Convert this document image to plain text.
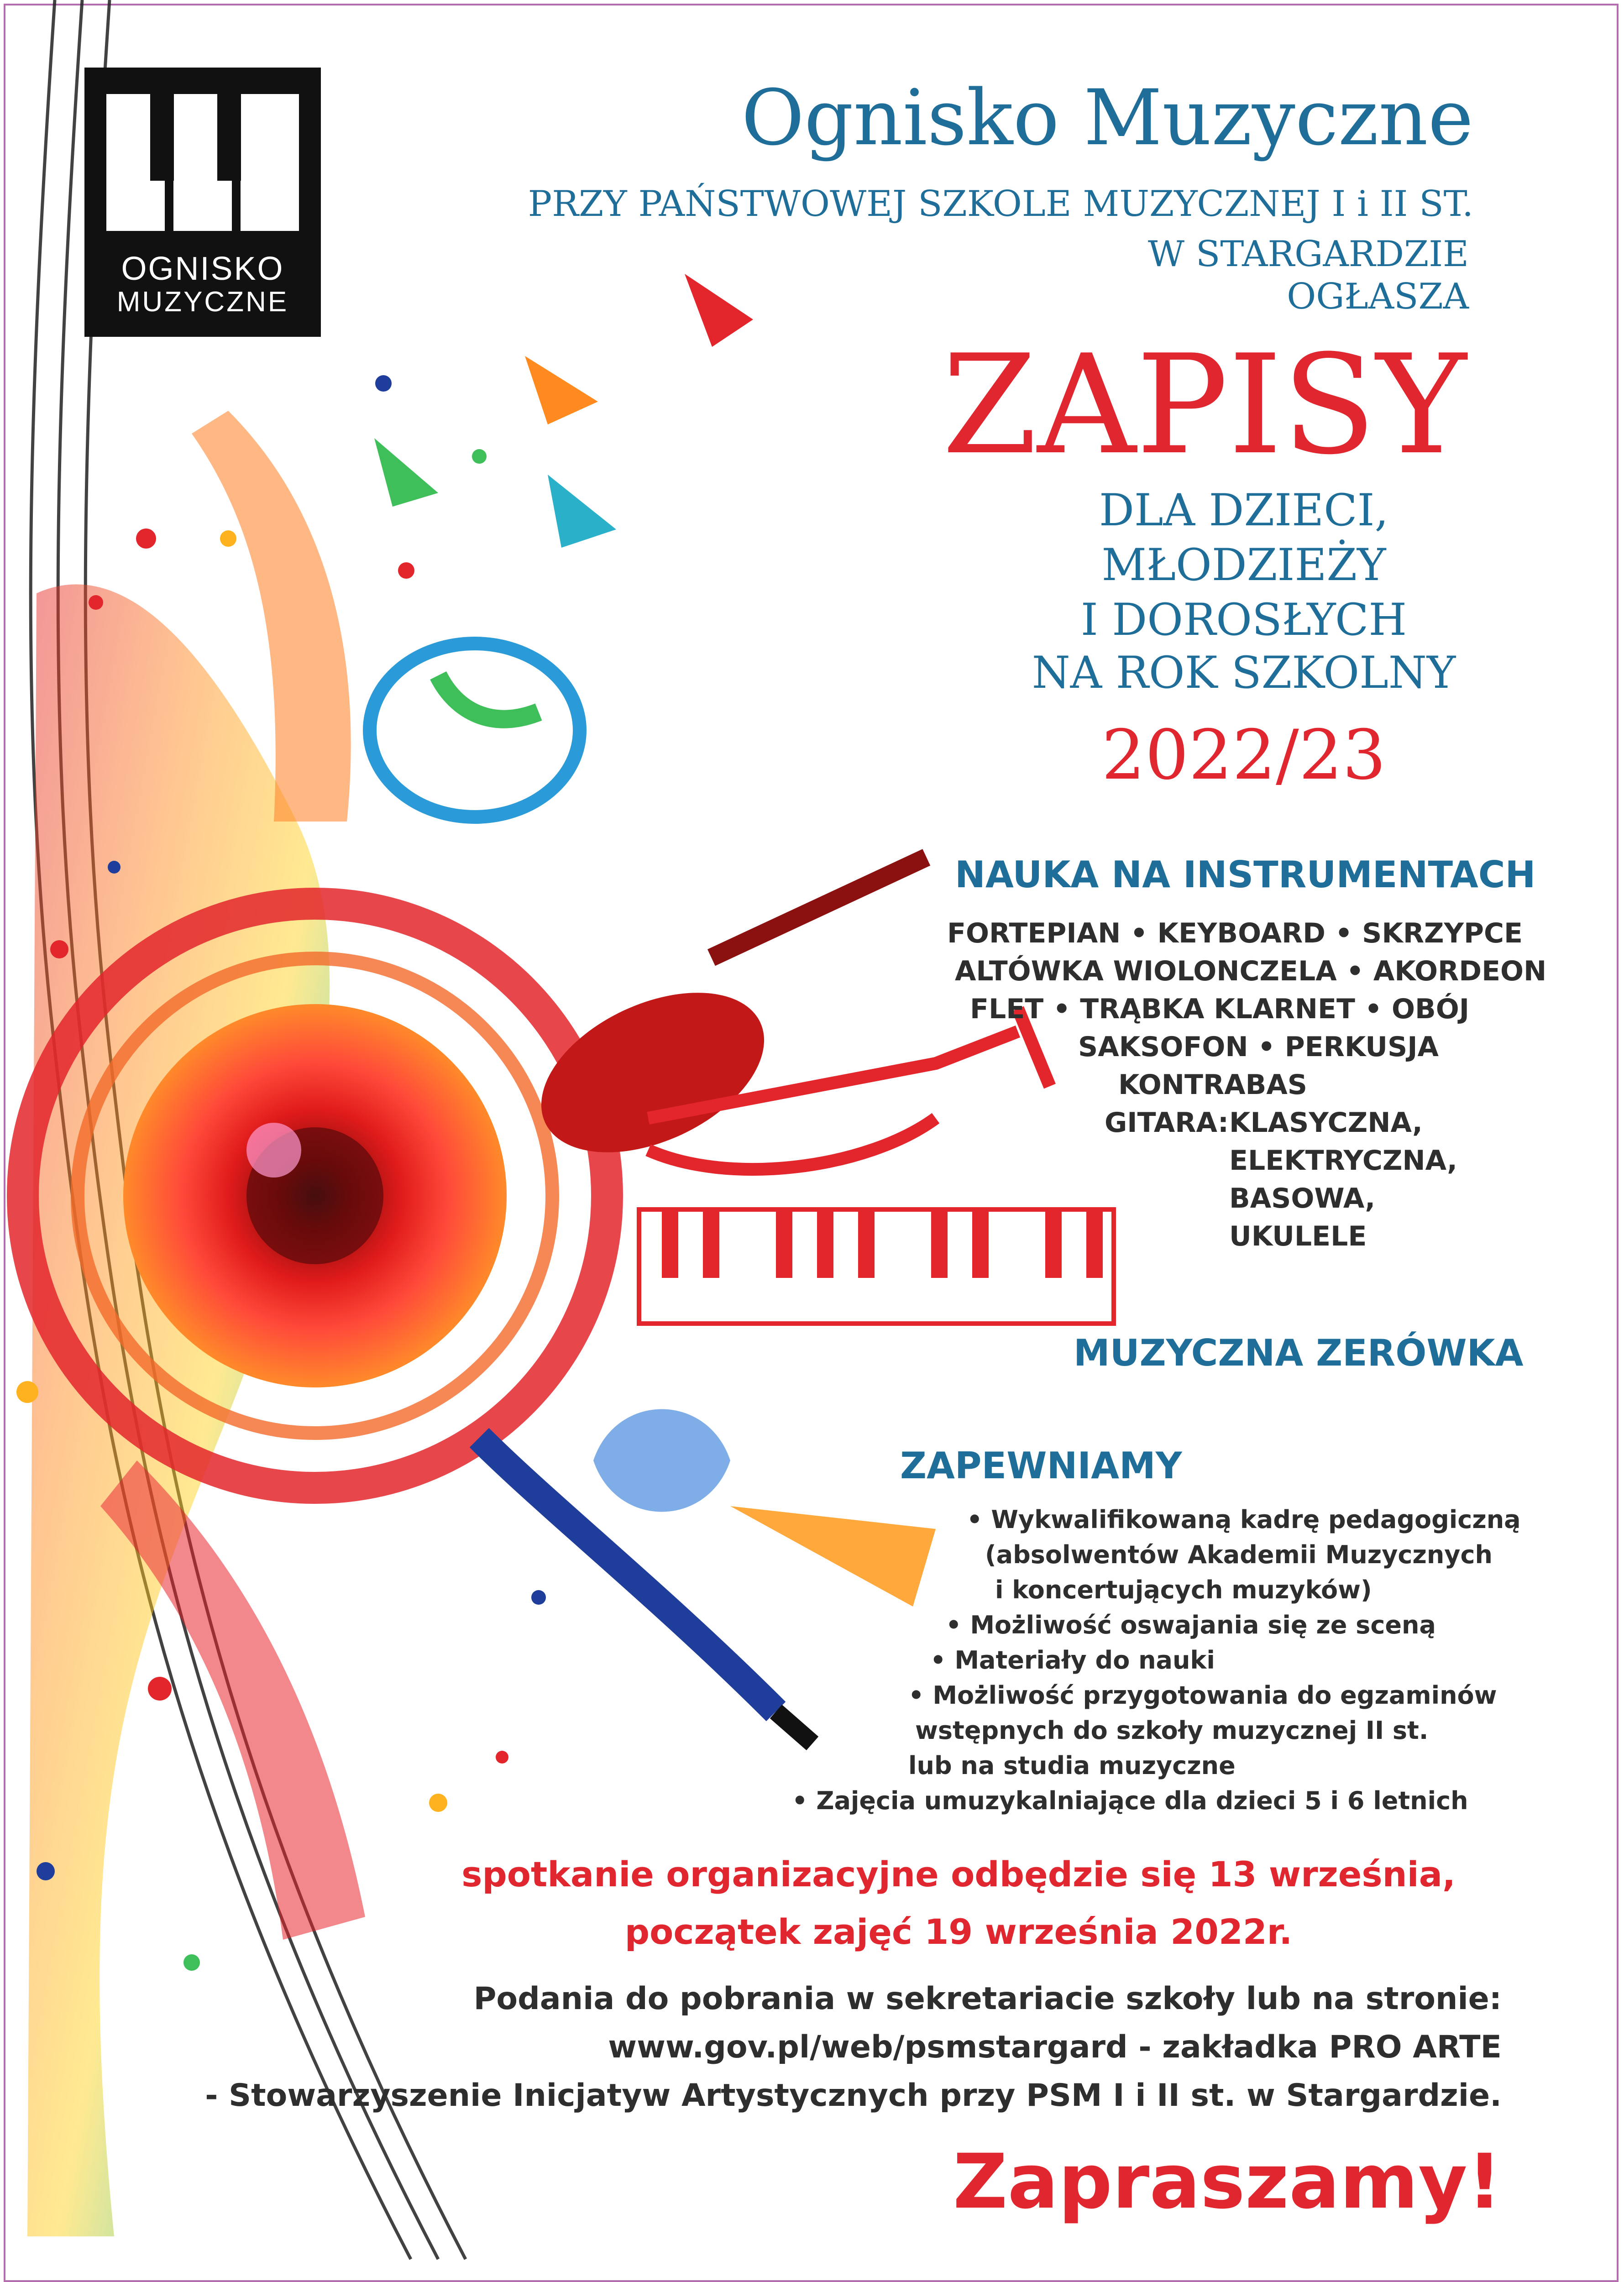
OGNISKO
MUZYCZNE
Ognisko Muzyczne
PRZY PAŃSTWOWEJ SZKOLE MUZYCZNEJ I i II ST.
W STARGARDZIE
OGŁASZA
ZAPISY
DLA DZIECI,
MŁODZIEŻY
I DOROSŁYCH
NA ROK SZKOLNY
2022/23
NAUKA NA INSTRUMENTACH
FORTEPIAN • KEYBOARD • SKRZYPCE
ALTÓWKA WIOLONCZELA • AKORDEON
FLET • TRĄBKA KLARNET • OBÓJ
SAKSOFON • PERKUSJA
KONTRABAS
GITARA: KLASYCZNA,
ELEKTRYCZNA,
BASOWA,
UKULELE
MUZYCZNA ZERÓWKA
ZAPEWNIAMY
• Wykwalifikowaną kadrę pedagogiczną
(absolwentów Akademii Muzycznych
i koncertujących muzyków)
• Możliwość oswajania się ze sceną
• Materiały do nauki
• Możliwość przygotowania do egzaminów
wstępnych do szkoły muzycznej II st.
lub na studia muzyczne
• Zajęcia umuzykalniające dla dzieci 5 i 6 letnich
spotkanie organizacyjne odbędzie się 13 września,
początek zajęć 19 września 2022r.
Podania do pobrania w sekretariacie szkoły lub na stronie:
www.gov.pl/web/psmstargard - zakładka PRO ARTE
- Stowarzyszenie Inicjatyw Artystycznych przy PSM I i II st. w Stargardzie.
Zapraszamy!
